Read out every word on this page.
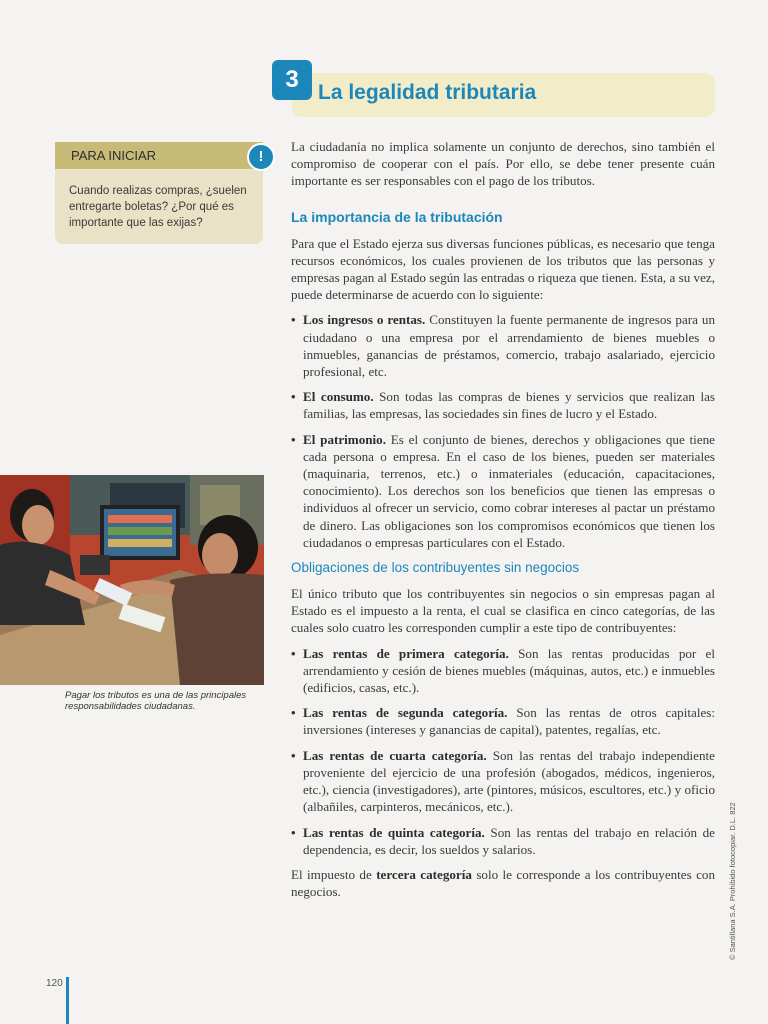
3 La legalidad tributaria
PARA INICIAR	!

Cuando realizas compras, ¿suelen entregarte boletas? ¿Por qué es importante que las exijas?

Pagar los tributos es una de las principales responsabilidades ciudadanas.

La ciudadanía no implica solamente un conjunto de derechos, sino también el compromiso de cooperar con el país. Por ello, se debe tener presente cuán importante es ser responsables con el pago de los tributos.

La importancia de la tributación

Para que el Estado ejerza sus diversas funciones públicas, es necesario que tenga recursos económicos, los cuales provienen de los tributos que las personas y empresas pagan al Estado según las entradas o riqueza que tienen. Esta, a su vez, puede determinarse de acuerdo con lo siguiente:

• Los ingresos o rentas. Constituyen la fuente permanente de ingresos para un ciudadano o una empresa por el arrendamiento de bienes muebles o inmuebles, ganancias de préstamos, comercio, trabajo asalariado, ejercicio profesional, etc.
• El consumo. Son todas las compras de bienes y servicios que realizan las familias, las empresas, las sociedades sin fines de lucro y el Estado.
• El patrimonio. Es el conjunto de bienes, derechos y obligaciones que tiene cada persona o empresa. En el caso de los bienes, pueden ser materiales (maquinaria, terrenos, etc.) o inmateriales (educación, capacitaciones, conocimiento). Los derechos son los beneficios que tienen las empresas o individuos al ofrecer un servicio, como cobrar intereses al pactar un préstamo de dinero. Las obligaciones son los compromisos económicos que tienen los ciudadanos o empresas particulares con el Estado.
Obligaciones de los contribuyentes sin negocios

El único tributo que los contribuyentes sin negocios o sin empresas pagan al Estado es el impuesto a la renta, el cual se clasifica en cinco categorías, de las cuales solo cuatro les corresponden cumplir a este tipo de contribuyentes:

• Las rentas de primera categoría. Son las rentas producidas por el arrendamiento y cesión de bienes muebles (máquinas, autos, etc.) e inmuebles (edificios, casas, etc.).
• Las rentas de segunda categoría. Son las rentas de otros capitales: inversiones (intereses y ganancias de capital), patentes, regalías, etc.
• Las rentas de cuarta categoría. Son las rentas del trabajo independiente proveniente del ejercicio de una profesión (abogados, médicos, ingenieros, etc.), ciencia (investigadores), arte (pintores, músicos, escultores, etc.) y oficio (albañiles, carpinteros, mecánicos, etc.).
• Las rentas de quinta categoría. Son las rentas del trabajo en relación de dependencia, es decir, los sueldos y salarios.

El impuesto de tercera categoría solo le corresponde a los contribuyentes con negocios.	© Santillana S.A. Prohibido fotocopiar. D.L. 822
120
